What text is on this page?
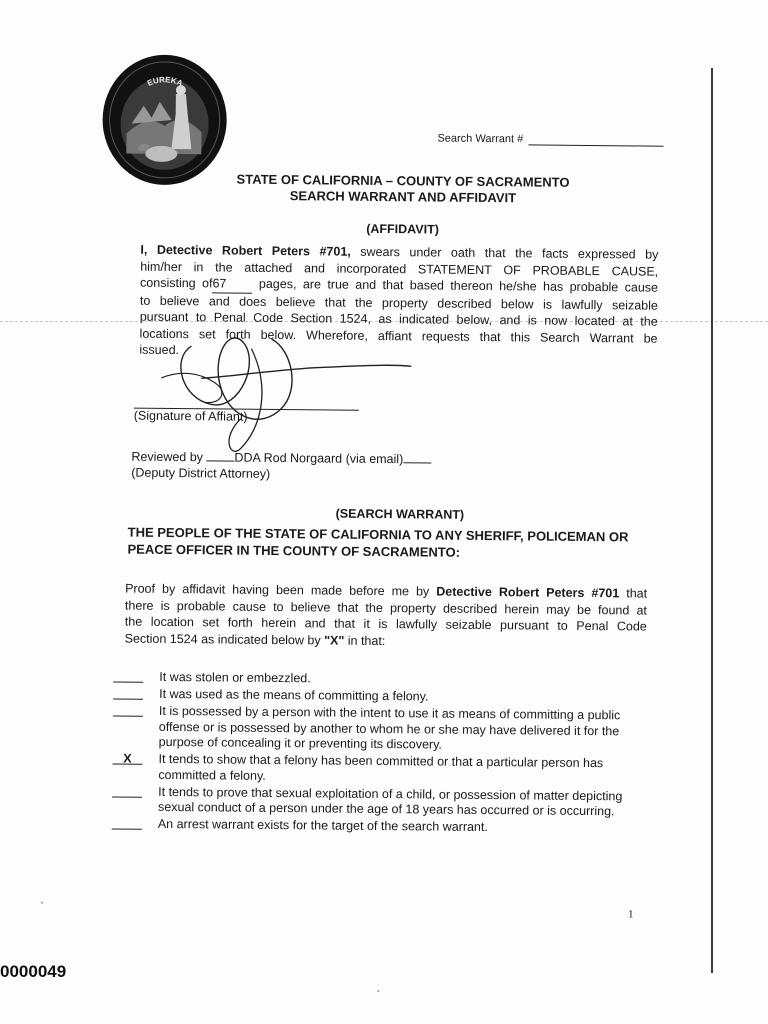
EUREKA
Search Warrant #
STATE OF CALIFORNIA – COUNTY OF SACRAMENTO
SEARCH WARRANT AND AFFIDAVIT
(AFFIDAVIT)
I, Detective Robert Peters #701, swears under oath that the facts expressed by
him/her in the attached and incorporated STATEMENT OF PROBABLE CAUSE,
consisting of67	pages, are true and that based thereon he/she has probable cause
to believe and does believe that the property described below is lawfully seizable
pursuant to Penal Code Section 1524, as indicated below, and is now located at the
locations set forth below. Wherefore, affiant requests that this Search Warrant be
issued.
(Signature of Affiant)
Reviewed by	DDA Rod Norgaard (via email)
(Deputy District Attorney)
(SEARCH WARRANT)
THE PEOPLE OF THE STATE OF CALIFORNIA TO ANY SHERIFF, POLICEMAN OR
PEACE OFFICER IN THE COUNTY OF SACRAMENTO:
Proof by affidavit having been made before me by Detective Robert Peters #701 that
there is probable cause to believe that the property described herein may be found at
the location set forth herein and that it is lawfully seizable pursuant to Penal Code
Section 1524 as indicated below by "X" in that:
It was stolen or embezzled.
It was used as the means of committing a felony.
It is possessed by a person with the intent to use it as means of committing a public offense or is possessed by another to whom he or she may have delivered it for the purpose of concealing it or preventing its discovery.
X	It tends to show that a felony has been committed or that a particular person has committed a felony.
It tends to prove that sexual exploitation of a child, or possession of matter depicting sexual conduct of a person under the age of 18 years has occurred or is occurring.
An arrest warrant exists for the target of the search warrant.
1
0000049
